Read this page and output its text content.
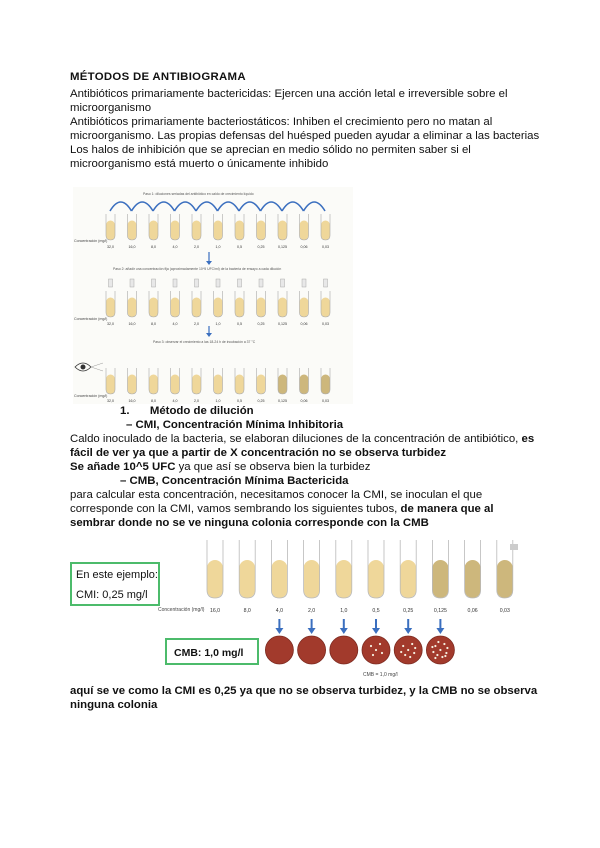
MÉTODOS DE ANTIBIOGRAMA

Antibióticos primariamente bactericidas: Ejercen una acción letal e irreversible sobre el microorganismo

Antibióticos primariamente bacteriostáticos: Inhiben el crecimiento pero no matan al microorganismo. Las propias defensas del huésped pueden ayudar a eliminar a las bacterias

Los halos de inhibición que se aprecian en medio sólido no permiten saber si el microorganismo está muerto o únicamente inhibido

Paso 1: diluciones seriadas del antibiótico en caldo de crecimiento líquido
32,0	16,0	8,0	4,0	2,0	1,0	0,5	0,25	0,125	0,06	0,03
32,0	16,0	8,0	4,0	2,0	1,0	0,5	0,25	0,125	0,06	0,03
32,0	16,0	8,0	4,0	2,0	1,0	0,5	0,25	0,125	0,06	0,03
Concentración (mg/l)
Concentración (mg/l)
Concentración (mg/l)
Paso 2: añadir una concentración fija (aproximadamente 10^5 UFC/ml) de la bacteria de ensayo a cada dilución
Paso 3: observar el crecimiento a las 18-24 h de incubación a 37 °C
1. Método de dilución
– CMI, Concentración Mínima Inhibitoria

Caldo inoculado de la bacteria, se elaboran diluciones de la concentración de antibiótico, es fácil de ver ya que a partir de X concentración no se observa turbidez

Se añade 10^5 UFC ya que así se observa bien la turbidez

– CMB, Concentración Mínima Bactericida

para calcular esta concentración, necesitamos conocer la CMI, se inoculan el que corresponde con la CMI, vamos sembrando los siguientes tubos, de manera que al sembrar donde no se ve ninguna colonia corresponde con la CMB

En este ejemplo:
CMI: 0,25 mg/l
CMB: 1,0 mg/l
Concentración (mg/l)
CMB = 1,0 mg/l
16,0	8,0	4,0	2,0	1,0	0,5	0,25	0,125	0,06	0,03
aquí se ve como la CMI es 0,25 ya que no se observa turbidez, y la CMB no se observa ninguna colonia
